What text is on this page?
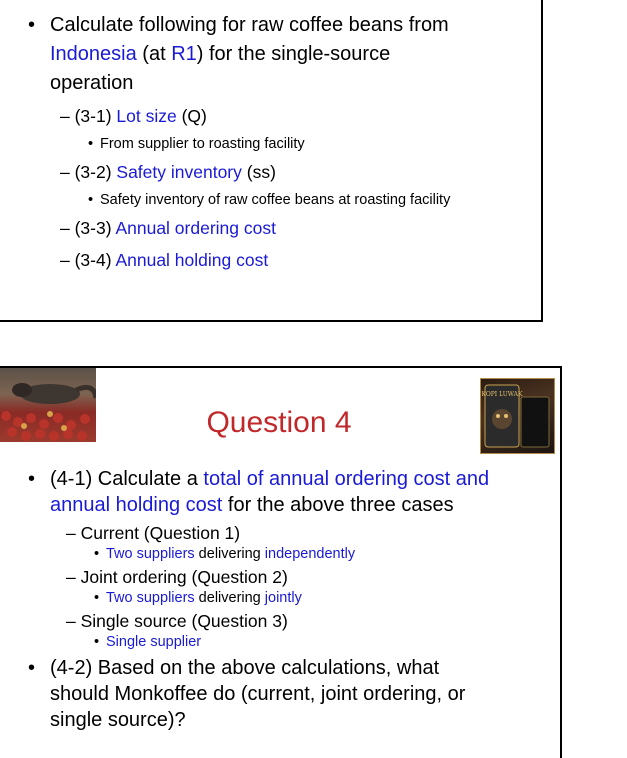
• Calculate following for raw coffee beans from
Indonesia (at R1) for the single-source
operation
– (3-1) Lot size (Q)
• From supplier to roasting facility
– (3-2) Safety inventory (ss)
• Safety inventory of raw coffee beans at roasting facility
– (3-3) Annual ordering cost
– (3-4) Annual holding cost
KOPI LUWAK
Question 4
• (4-1) Calculate a total of annual ordering cost and
annual holding cost for the above three cases
– Current (Question 1)
• Two suppliers delivering independently
– Joint ordering (Question 2)
• Two suppliers delivering jointly
– Single source (Question 3)
• Single supplier
• (4-2) Based on the above calculations, what
should Monkoffee do (current, joint ordering, or
single source)?
